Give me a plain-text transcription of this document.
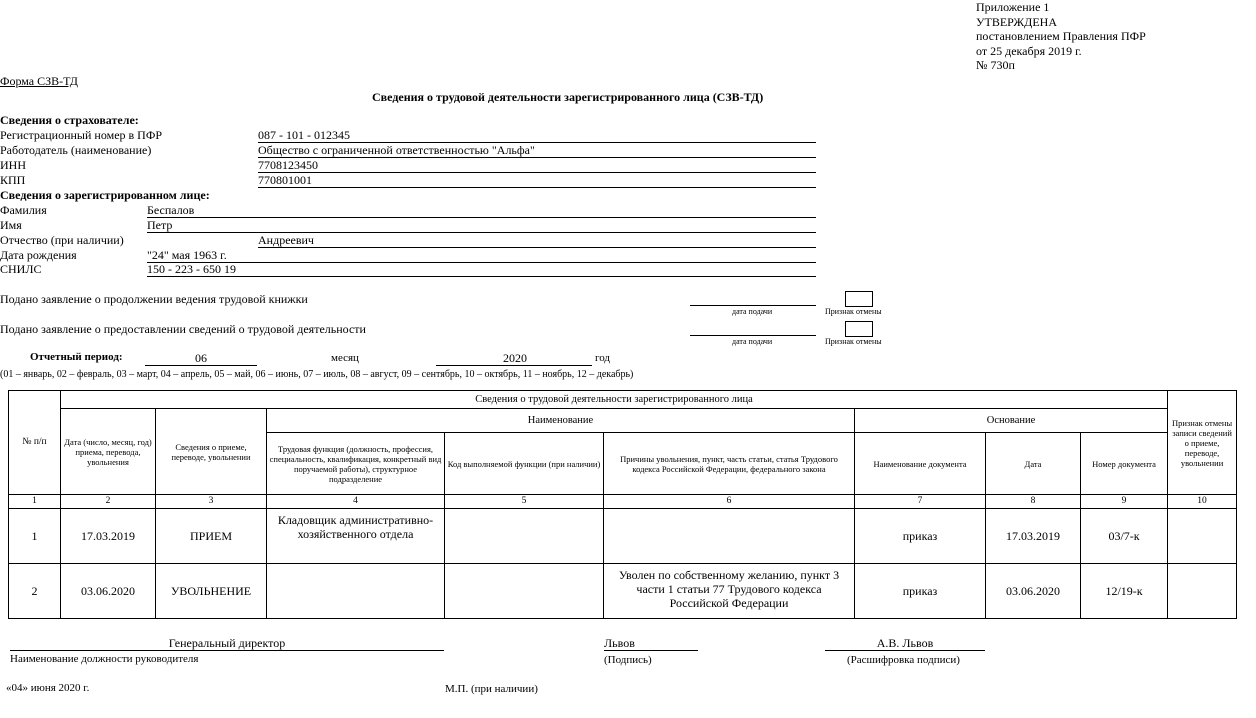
Приложение 1
УТВЕРЖДЕНА
постановлением Правления ПФР
от 25 декабря 2019 г.
№ 730п
Форма СЗВ-ТД
Сведения о трудовой деятельности зарегистрированного лица (СЗВ-ТД)
Сведения о страхователе:
Регистрационный номер в ПФР	087 - 101 - 012345
Работодатель (наименование)	Общество с ограниченной ответственностью "Альфа"
ИНН	7708123450
КПП	770801001
Сведения о зарегистрированном лице:
Фамилия	Беспалов
Имя	Петр
Отчество (при наличии)	Андреевич
Дата рождения	"24" мая 1963 г.
СНИЛС	150 - 223 - 650 19
Подано заявление о продолжении ведения трудовой книжки
дата подачи	Признак отмены
Подано заявление о предоставлении сведений о трудовой деятельности
дата подачи	Признак отмены
Отчетный период:	06	месяц	2020	год
(01 – январь, 02 – февраль, 03 – март, 04 – апрель, 05 – май, 06 – июнь, 07 – июль, 08 – август, 09 – сентябрь, 10 – октябрь, 11 – ноябрь, 12 – декабрь)
№ п/п	Сведения о трудовой деятельности зарегистрированного лица								Признак отмены записи сведений о приеме, переводе, увольнении
	Дата (число, месяц, год) приема, перевода, увольнения	Сведения о приеме, переводе, увольнении	Наименование			Основание			
			Трудовая функция (должность, профессия, специальность, квалификация, конкретный вид поручаемой работы), структурное подразделение	Код выполняемой функции (при наличии)	Причины увольнения, пункт, часть статьи, статья Трудового кодекса Российской Федерации, федерального закона	Наименование документа	Дата	Номер документа	
1	2	3	4	5	6	7	8	9	10
1	17.03.2019	ПРИЕМ	Кладовщик административно-хозяйственного отдела			приказ	17.03.2019	03/7-к	
2	03.06.2020	УВОЛЬНЕНИЕ			Уволен по собственному желанию, пункт 3 части 1 статьи 77 Трудового кодекса Российской Федерации	приказ	03.06.2020	12/19-к	
Генеральный директор
Наименование должности руководителя
Львов
(Подпись)
А.В. Львов
(Расшифровка подписи)
«04» июня 2020 г.	М.П. (при наличии)
